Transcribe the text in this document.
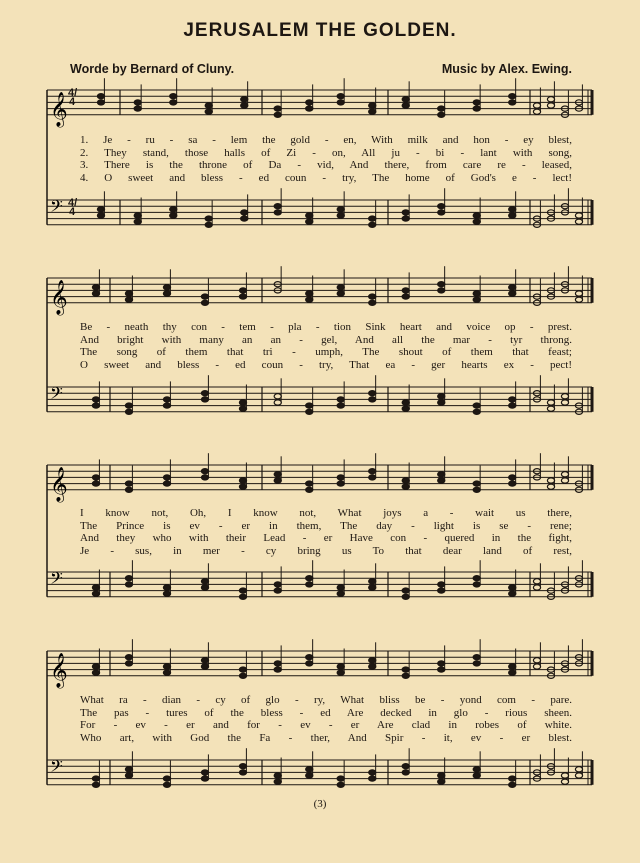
JERUSALEM THE GOLDEN.
Worde by Bernard of Cluny.	Music by Alex. Ewing.
𝄞
𝄢
𝄞
𝄢
𝄞
𝄢
𝄞
𝄢
4/4
4/4
1. Je - ru - sa - lem the gold - en, With milk and hon - ey blest,
2. They stand, those halls of Zi - on, All ju - bi - lant with song,
3. There is the throne of Da - vid, And there, from care re - leased,
4. O sweet and bless - ed coun - try, The home of God's e - lect!
Be - neath thy con - tem - pla - tion Sink heart and voice op - prest.
And bright with many an an - gel, And all the mar - tyr throng.
The song of them that tri - umph, The shout of them that feast;
O sweet and bless - ed coun - try, That ea - ger hearts ex - pect!
I know not, Oh, I know not, What joys a - wait us there,
The Prince is ev - er in them, The day - light is se - rene;
And they who with their Lead - er Have con - quered in the fight,
Je - sus, in mer - cy bring us To that dear land of rest,
What ra - dian - cy of glo - ry, What bliss be - yond com - pare.
The pas - tures of the bless - ed Are decked in glo - rious sheen.
For - ev - er and for - ev - er Are clad in robes of white.
Who art, with God the Fa - ther, And Spir - it, ev - er blest.
(3)
